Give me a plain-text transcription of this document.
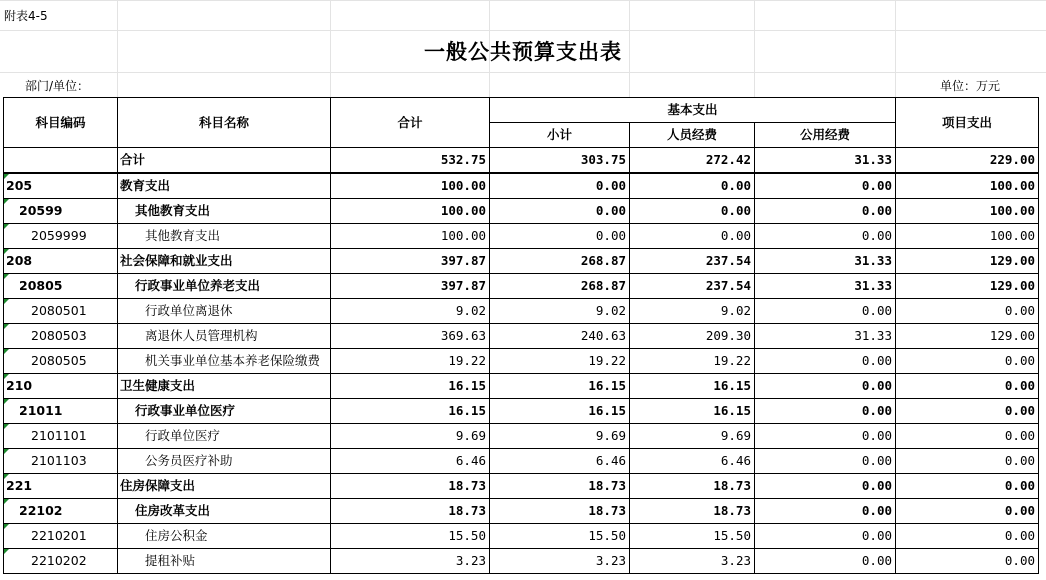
附表4-5
一般公共预算支出表
部门/单位：	单位：万元
科目编码	科目名称	合计	基本支出			项目支出
			小计	人员经费	公用经费	
	合计	532.75	303.75	272.42	31.33	229.00
205	教育支出	100.00	0.00	0.00	0.00	100.00
20599	其他教育支出	100.00	0.00	0.00	0.00	100.00
2059999	其他教育支出	100.00	0.00	0.00	0.00	100.00
208	社会保障和就业支出	397.87	268.87	237.54	31.33	129.00
20805	行政事业单位养老支出	397.87	268.87	237.54	31.33	129.00
2080501	行政单位离退休	9.02	9.02	9.02	0.00	0.00
2080503	离退休人员管理机构	369.63	240.63	209.30	31.33	129.00
2080505	机关事业单位基本养老保险缴费	19.22	19.22	19.22	0.00	0.00
210	卫生健康支出	16.15	16.15	16.15	0.00	0.00
21011	行政事业单位医疗	16.15	16.15	16.15	0.00	0.00
2101101	行政单位医疗	9.69	9.69	9.69	0.00	0.00
2101103	公务员医疗补助	6.46	6.46	6.46	0.00	0.00
221	住房保障支出	18.73	18.73	18.73	0.00	0.00
22102	住房改革支出	18.73	18.73	18.73	0.00	0.00
2210201	住房公积金	15.50	15.50	15.50	0.00	0.00
2210202	提租补贴	3.23	3.23	3.23	0.00	0.00
